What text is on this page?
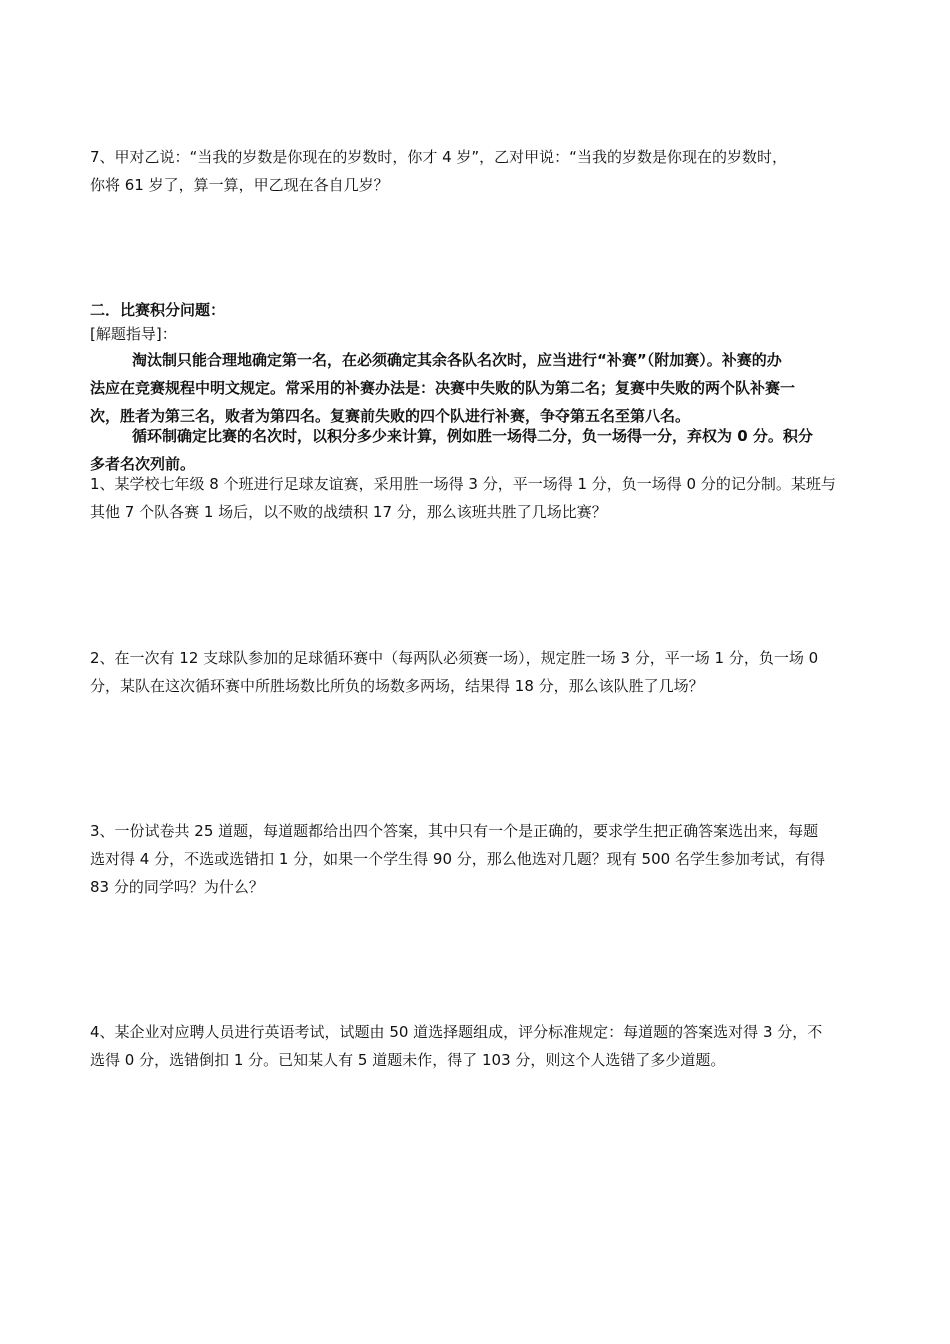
7、甲对乙说：“当我的岁数是你现在的岁数时，你才 4 岁”，乙对甲说：“当我的岁数是你现在的岁数时，
你将 61 岁了，算一算，甲乙现在各自几岁？
二．比赛积分问题：
[解题指导]：
淘汰制只能合理地确定第一名，在必须确定其余各队名次时，应当进行“补赛”（附加赛）。补赛的办
法应在竞赛规程中明文规定。常采用的补赛办法是：决赛中失败的队为第二名；复赛中失败的两个队补赛一
次，胜者为第三名，败者为第四名。复赛前失败的四个队进行补赛，争夺第五名至第八名。
循环制确定比赛的名次时，以积分多少来计算，例如胜一场得二分，负一场得一分，弃权为 0 分。积分
多者名次列前。
1、某学校七年级 8 个班进行足球友谊赛，采用胜一场得 3 分，平一场得 1 分，负一场得 0 分的记分制。某班与
其他 7 个队各赛 1 场后，以不败的战绩积 17 分，那么该班共胜了几场比赛？
2、在一次有 12 支球队参加的足球循环赛中（每两队必须赛一场），规定胜一场 3 分，平一场 1 分，负一场 0
分，某队在这次循环赛中所胜场数比所负的场数多两场，结果得 18 分，那么该队胜了几场？
3、一份试卷共 25 道题，每道题都给出四个答案，其中只有一个是正确的，要求学生把正确答案选出来，每题
选对得 4 分，不选或选错扣 1 分，如果一个学生得 90 分，那么他选对几题？现有 500 名学生参加考试，有得
83 分的同学吗？为什么？
4、某企业对应聘人员进行英语考试，试题由 50 道选择题组成，评分标准规定：每道题的答案选对得 3 分，不
选得 0 分，选错倒扣 1 分。已知某人有 5 道题未作，得了 103 分，则这个人选错了多少道题。
